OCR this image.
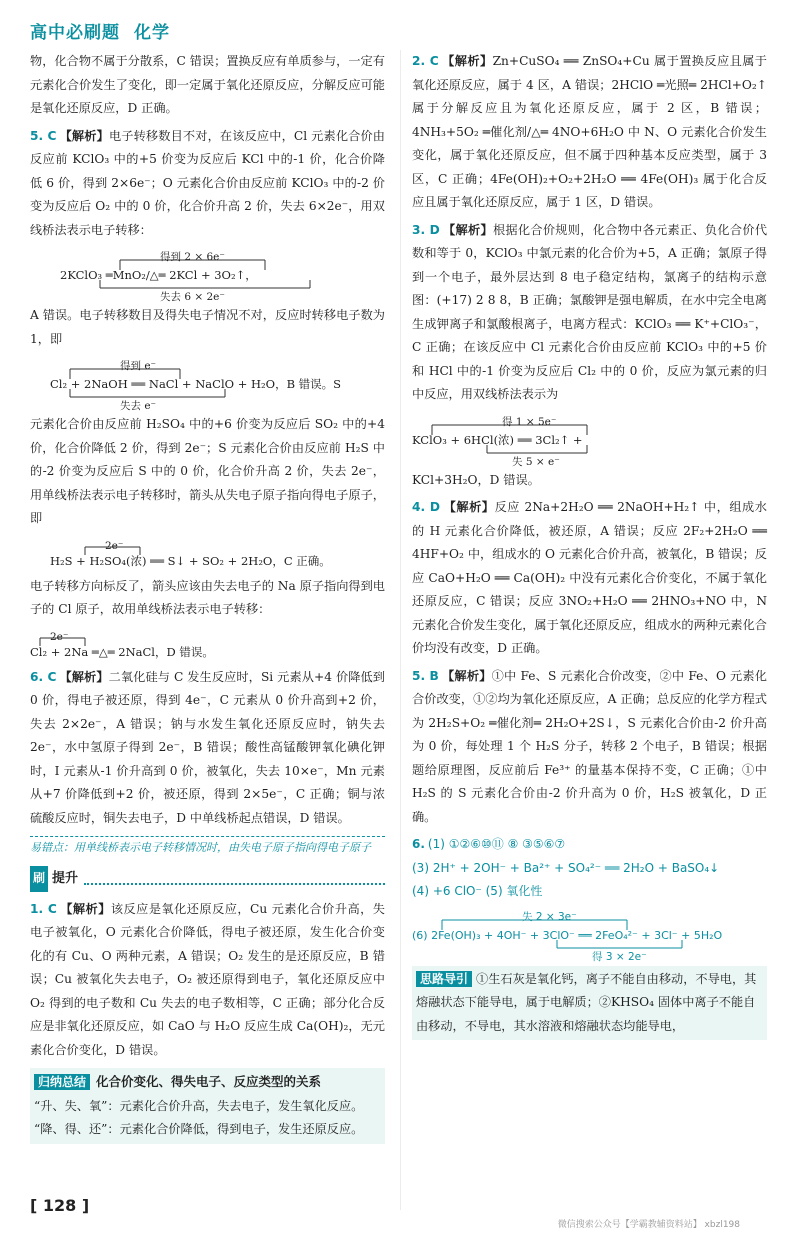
高中必刷题 化学

物，化合物不属于分散系，C 错误；置换反应有单质参与，一定有元素化合价发生了变化，即一定属于氧化还原反应，分解反应可能是氧化还原反应，D 正确。

5. C 【解析】电子转移数目不对，在该反应中，Cl 元素化合价由反应前 KClO₃ 中的+5 价变为反应后 KCl 中的-1 价，化合价降低 6 价，得到 2×6e⁻；O 元素化合价由反应前 KClO₃ 中的-2 价变为反应后 O₂ 中的 0 价，化合价升高 2 价，失去 6×2e⁻，用双线桥法表示电子转移：

得到 2 × 6e⁻
2KClO₃ ═MnO₂/△═ 2KCl + 3O₂↑，
失去 6 × 2e⁻

A 错误。电子转移数目及得失电子情况不对，反应时转移电子数为 1，即

得到 e⁻
Cl₂ + 2NaOH ══ NaCl + NaClO + H₂O，B 错误。S
失去 e⁻

元素化合价由反应前 H₂SO₄ 中的+6 价变为反应后 SO₂ 中的+4 价，化合价降低 2 价，得到 2e⁻；S 元素化合价由反应前 H₂S 中的-2 价变为反应后 S 中的 0 价，化合价升高 2 价，失去 2e⁻，用单线桥法表示电子转移时，箭头从失电子原子指向得电子原子，即

2e⁻
H₂S + H₂SO₄(浓) ══ S↓ + SO₂ + 2H₂O，C 正确。

电子转移方向标反了，箭头应该由失去电子的 Na 原子指向得到电子的 Cl 原子，故用单线桥法表示电子转移：

2e⁻
Cl₂ + 2Na ═△═ 2NaCl，D 错误。

6. C 【解析】二氧化硅与 C 发生反应时，Si 元素从+4 价降低到 0 价，得电子被还原，得到 4e⁻，C 元素从 0 价升高到+2 价，失去 2×2e⁻，A 错误；钠与水发生氧化还原反应时，钠失去 2e⁻，水中氢原子得到 2e⁻，B 错误；酸性高锰酸钾氧化碘化钾时，I 元素从-1 价升高到 0 价，被氧化，失去 10×e⁻，Mn 元素从+7 价降低到+2 价，被还原，得到 2×5e⁻，C 正确；铜与浓硫酸反应时，铜失去电子，D 中单线桥起点错误，D 错误。

易错点：用单线桥表示电子转移情况时，由失电子原子指向得电子原子
刷 提升

1. C 【解析】该反应是氧化还原反应，Cu 元素化合价升高，失电子被氧化，O 元素化合价降低，得电子被还原，发生化合价变化的有 Cu、O 两种元素，A 错误；O₂ 发生的是还原反应，B 错误；Cu 被氧化失去电子，O₂ 被还原得到电子，氧化还原反应中 O₂ 得到的电子数和 Cu 失去的电子数相等，C 正确；部分化合反应是非氧化还原反应，如 CaO 与 H₂O 反应生成 Ca(OH)₂，无元素化合价变化，D 错误。

归纳总结 化合价变化、得失电子、反应类型的关系
“升、失、氧”：元素化合价升高，失去电子，发生氧化反应。
“降、得、还”：元素化合价降低，得到电子，发生还原反应。

2. C 【解析】Zn+CuSO₄ ══ ZnSO₄+Cu 属于置换反应且属于氧化还原反应，属于 4 区，A 错误；2HClO ═光照═ 2HCl+O₂↑ 属于分解反应且为氧化还原反应，属于 2 区，B 错误；4NH₃+5O₂ ═催化剂/△═ 4NO+6H₂O 中 N、O 元素化合价发生变化，属于氧化还原反应，但不属于四种基本反应类型，属于 3 区，C 正确；4Fe(OH)₂+O₂+2H₂O ══ 4Fe(OH)₃ 属于化合反应且属于氧化还原反应，属于 1 区，D 错误。

3. D 【解析】根据化合价规则，化合物中各元素正、负化合价代数和等于 0，KClO₃ 中氯元素的化合价为+5，A 正确；氯原子得到一个电子，最外层达到 8 电子稳定结构，氯离子的结构示意图：(+17) 2 8 8，B 正确；氯酸钾是强电解质，在水中完全电离生成钾离子和氯酸根离子，电离方程式：KClO₃ ══ K⁺+ClO₃⁻，C 正确；在该反应中 Cl 元素化合价由反应前 KClO₃ 中的+5 价和 HCl 中的-1 价变为反应后 Cl₂ 中的 0 价，反应为氯元素的归中反应，用双线桥法表示为

得 1 × 5e⁻
KClO₃ + 6HCl(浓) ══ 3Cl₂↑ +
失 5 × e⁻

KCl+3H₂O，D 错误。

4. D 【解析】反应 2Na+2H₂O ══ 2NaOH+H₂↑ 中，组成水的 H 元素化合价降低，被还原，A 错误；反应 2F₂+2H₂O ══ 4HF+O₂ 中，组成水的 O 元素化合价升高，被氧化，B 错误；反应 CaO+H₂O ══ Ca(OH)₂ 中没有元素化合价变化，不属于氧化还原反应，C 错误；反应 3NO₂+H₂O ══ 2HNO₃+NO 中，N 元素化合价发生变化，属于氧化还原反应，组成水的两种元素化合价均没有改变，D 正确。

5. B 【解析】①中 Fe、S 元素化合价改变，②中 Fe、O 元素化合价改变，①②均为氧化还原反应，A 正确；总反应的化学方程式为 2H₂S+O₂ ═催化剂═ 2H₂O+2S↓，S 元素化合价由-2 价升高为 0 价，每处理 1 个 H₂S 分子，转移 2 个电子，B 错误；根据题给原理图，反应前后 Fe³⁺ 的量基本保持不变，C 正确；①中 H₂S 的 S 元素化合价由-2 价升高为 0 价，H₂S 被氧化，D 正确。

6. (1) ①②⑥⑩⑪ ⑧ ③⑤⑥⑦
(3) 2H⁺ + 2OH⁻ + Ba²⁺ + SO₄²⁻ ══ 2H₂O + BaSO₄↓
(4) +6 ClO⁻ (5) 氧化性
失 2 × 3e⁻
(6) 2Fe(OH)₃ + 4OH⁻ + 3ClO⁻ ══ 2FeO₄²⁻ + 3Cl⁻ + 5H₂O
得 3 × 2e⁻
思路导引 ①生石灰是氧化钙，离子不能自由移动，不导电，其熔融状态下能导电，属于电解质；②KHSO₄ 固体中离子不能自由移动，不导电，其水溶液和熔融状态均能导电，
[ 128 ]
微信搜索公众号【学霸教辅资料站】 xbzl198
